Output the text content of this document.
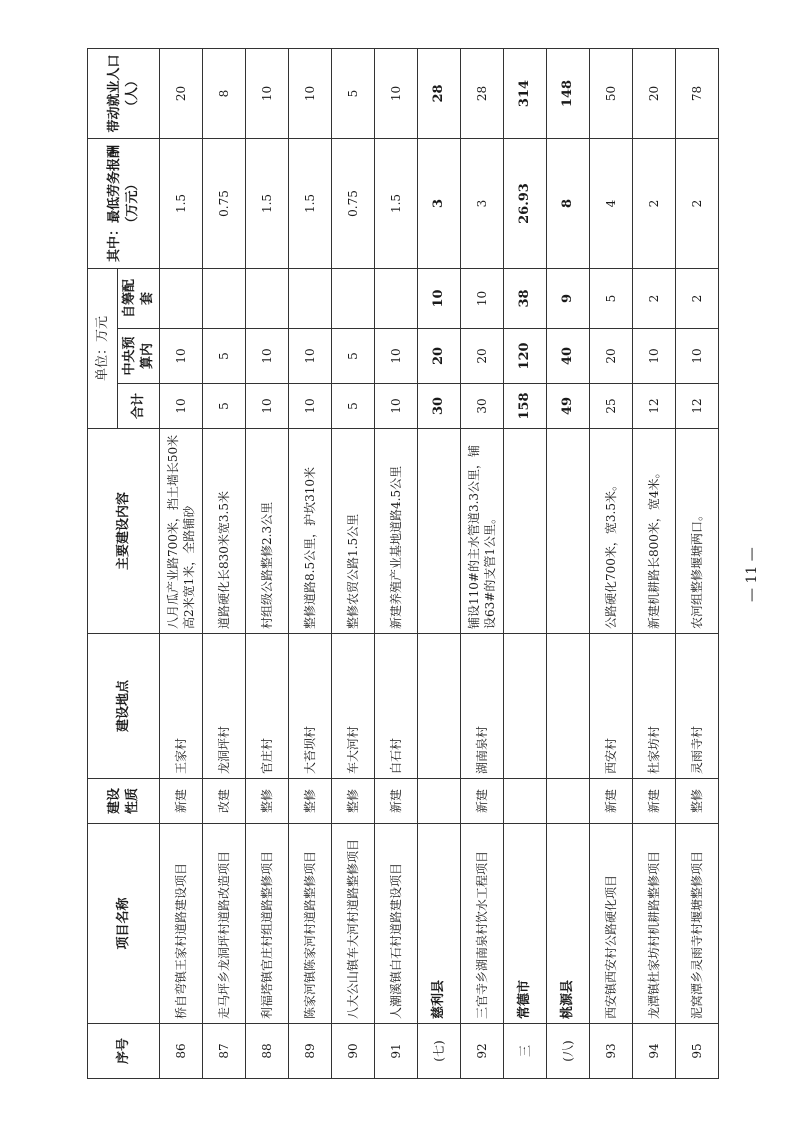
序号	项目名称	建设性质	建设地点	主要建设内容	单位：万元			其中：最低劳务报酬（万元）	带动就业人口（人）
					合计	中央预算内	自筹配套		
86	桥自弯镇王家村道路建设项目	新建	王家村	八月瓜产业路700米，挡土墙长50米高2米宽1米，全路铺砂	10	10		1.5	20
87	走马坪乡龙洞坪村道路改造项目	改建	龙洞坪村	道路硬化长830米宽3.5米	5	5		0.75	8
88	利福塔镇官庄村组道路整修项目	整修	官庄村	村组级公路整修2.3公里	10	10		1.5	10
89	陈家河镇陈家河村道路整修项目	整修	大苔坝村	整修道路8.5公里，护坎310米	10	10		1.5	10
90	八大公山镇车大河村道路整修项目	整修	车大河村	整修农贸公路1.5公里	5	5		0.75	5
91	人潮溪镇白石村道路建设项目	新建	白石村	新建养殖产业基地道路4.5公里	10	10		1.5	10
(七)	慈利县				30	20	10	3	28
92	三官寺乡湖南泉村饮水工程项目	新建	湖南泉村	铺设110#的主水管道3.3公里，铺设63#的支管1公里。	30	20	10	3	28
三	常德市				158	120	38	26.93	314
(八)	桃源县				49	40	9	8	148
93	西安镇西安村公路硬化项目	新建	西安村	公路硬化700米，宽3.5米。	25	20	5	4	50
94	龙潭镇杜家坊村机耕路整修项目	新建	杜家坊村	新建机耕路长800米，宽4米。	12	10	2	2	20
95	泥窝潭乡灵雨寺村堰塘整修项目	整修	灵雨寺村	农河组整修堰塘两口。	12	10	2	2	78
— 11 —
